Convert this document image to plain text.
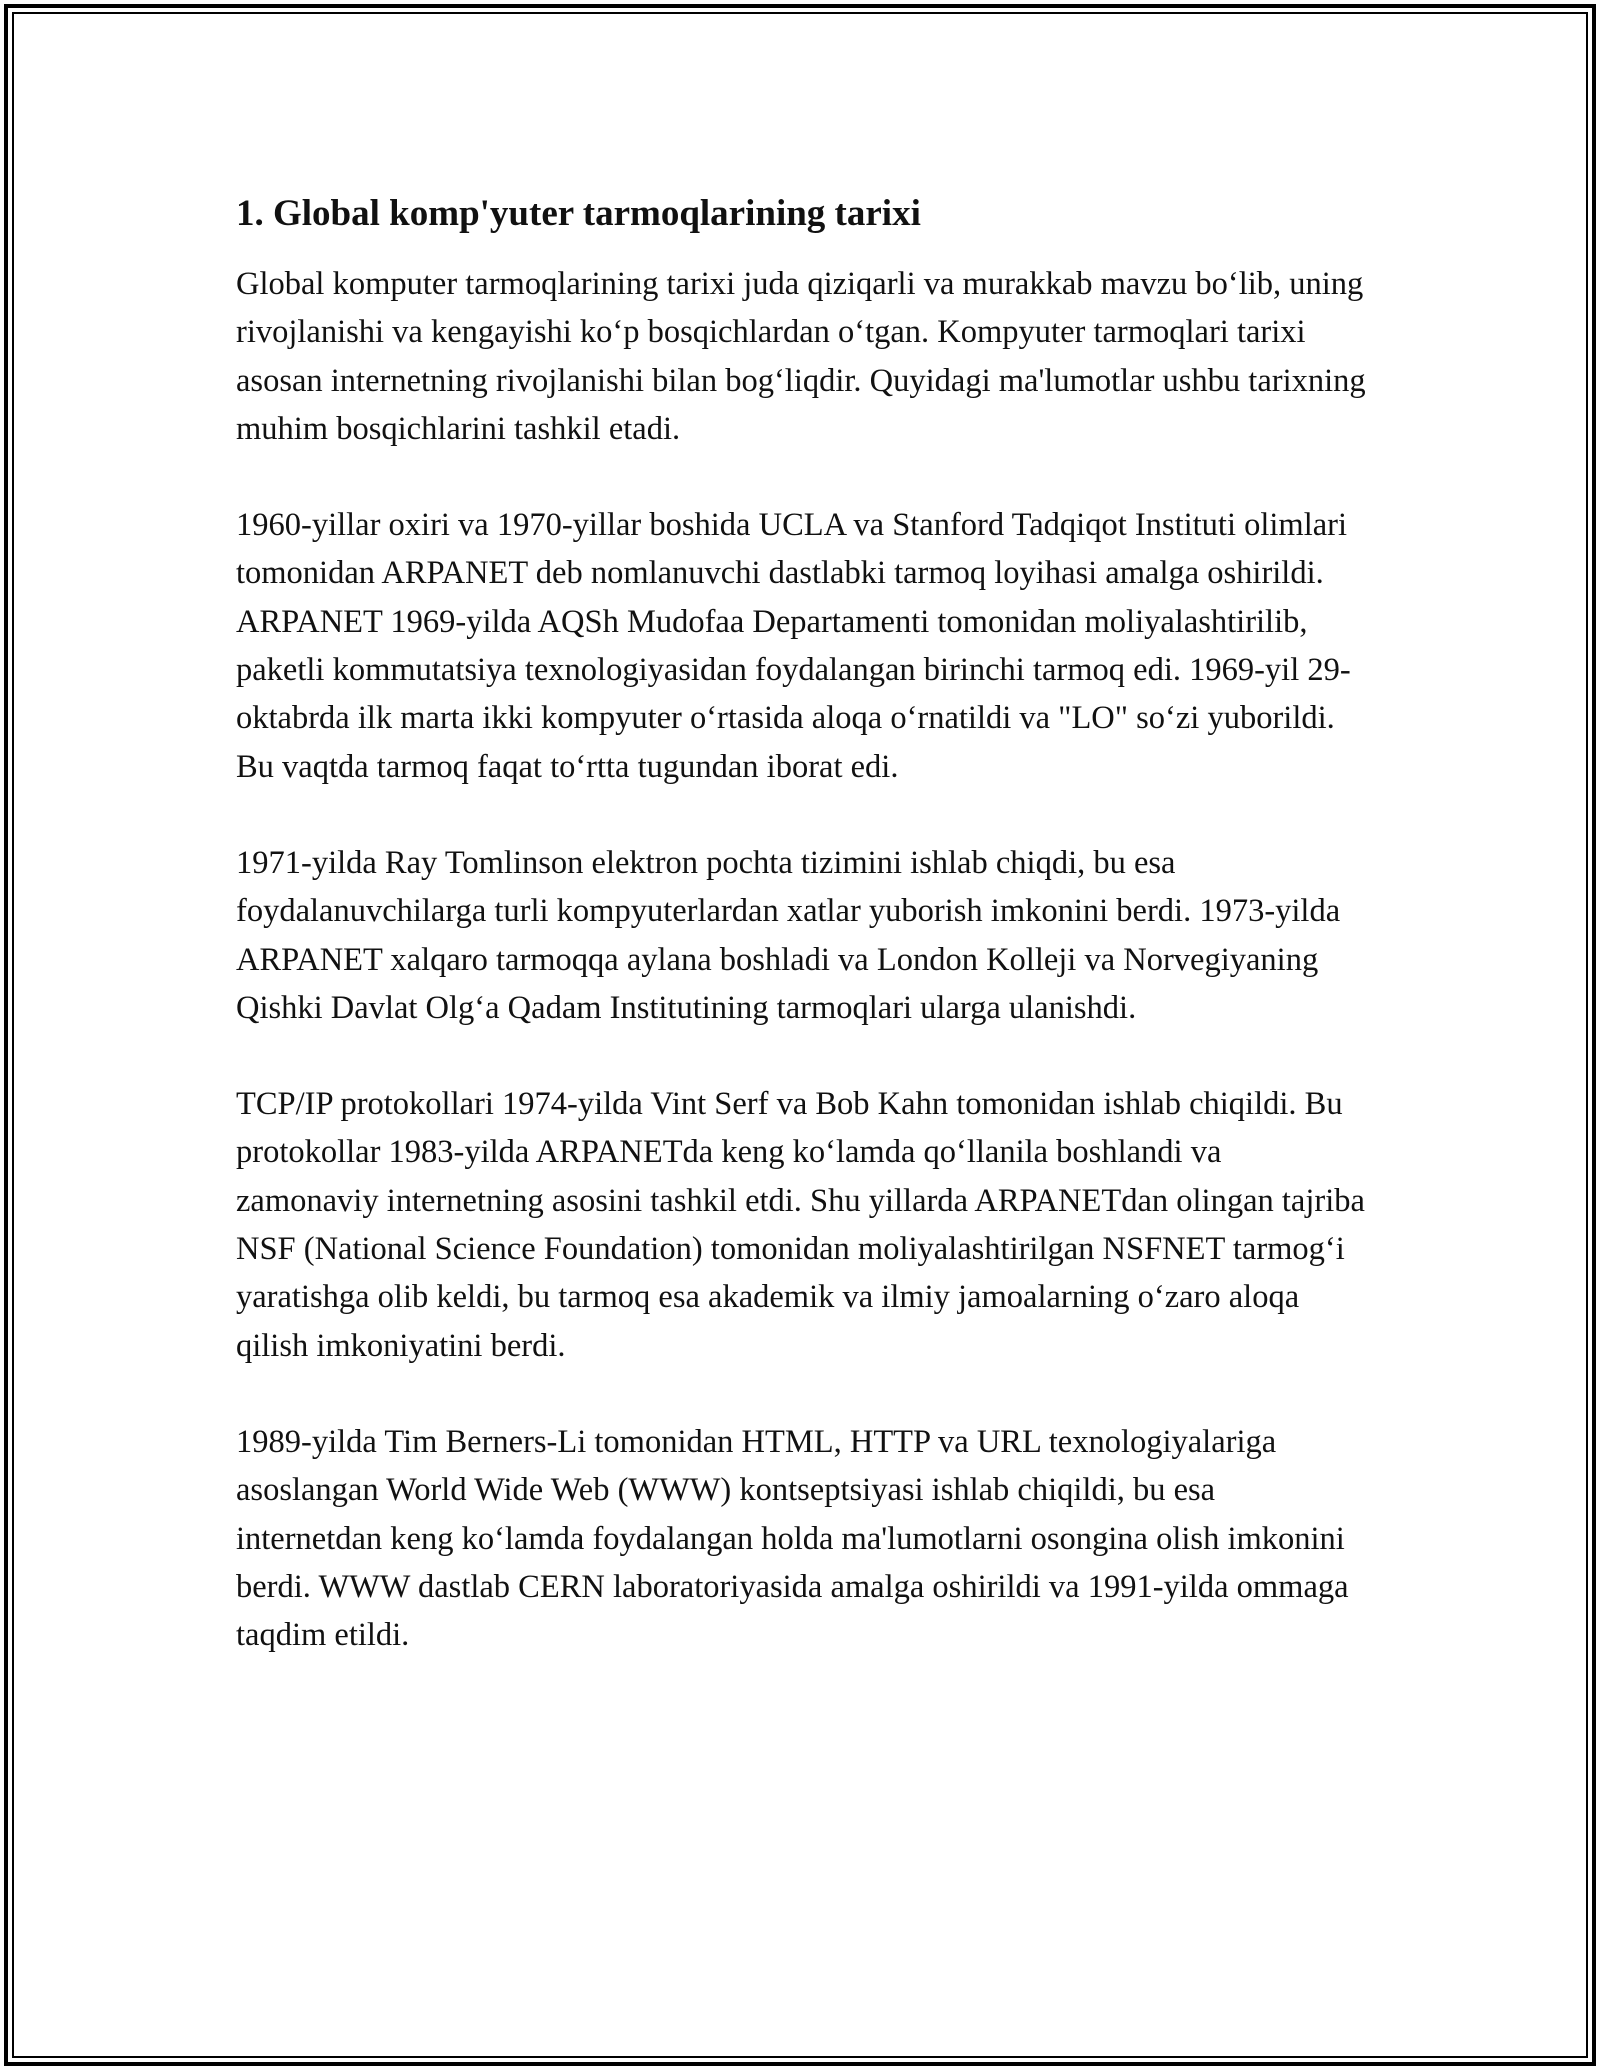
1. Global komp'yuter tarmoqlarining tarixi

Global komputer tarmoqlarining tarixi juda qiziqarli va murakkab mavzu boʻlib, uning rivojlanishi va kengayishi koʻp bosqichlardan oʻtgan. Kompyuter tarmoqlari tarixi asosan internetning rivojlanishi bilan bogʻliqdir. Quyidagi ma'lumotlar ushbu tarixning muhim bosqichlarini tashkil etadi.

1960-yillar oxiri va 1970-yillar boshida UCLA va Stanford Tadqiqot Instituti olimlari tomonidan ARPANET deb nomlanuvchi dastlabki tarmoq loyihasi amalga oshirildi. ARPANET 1969-yilda AQSh Mudofaa Departamenti tomonidan moliyalashtirilib, paketli kommutatsiya texnologiyasidan foydalangan birinchi tarmoq edi. 1969-yil 29-oktabrda ilk marta ikki kompyuter oʻrtasida aloqa oʻrnatildi va "LO" soʻzi yuborildi. Bu vaqtda tarmoq faqat toʻrtta tugundan iborat edi.

1971-yilda Ray Tomlinson elektron pochta tizimini ishlab chiqdi, bu esa foydalanuvchilarga turli kompyuterlardan xatlar yuborish imkonini berdi. 1973-yilda ARPANET xalqaro tarmoqqa aylana boshladi va London Kolleji va Norvegiyaning Qishki Davlat Olgʻa Qadam Institutining tarmoqlari ularga ulanishdi.

TCP/IP protokollari 1974-yilda Vint Serf va Bob Kahn tomonidan ishlab chiqildi. Bu protokollar 1983-yilda ARPANETda keng koʻlamda qoʻllanila boshlandi va zamonaviy internetning asosini tashkil etdi. Shu yillarda ARPANETdan olingan tajriba NSF (National Science Foundation) tomonidan moliyalashtirilgan NSFNET tarmogʻi yaratishga olib keldi, bu tarmoq esa akademik va ilmiy jamoalarning oʻzaro aloqa qilish imkoniyatini berdi.

1989-yilda Tim Berners-Li tomonidan HTML, HTTP va URL texnologiyalariga asoslangan World Wide Web (WWW) kontseptsiyasi ishlab chiqildi, bu esa internetdan keng koʻlamda foydalangan holda ma'lumotlarni osongina olish imkonini berdi. WWW dastlab CERN laboratoriyasida amalga oshirildi va 1991-yilda ommaga taqdim etildi.
